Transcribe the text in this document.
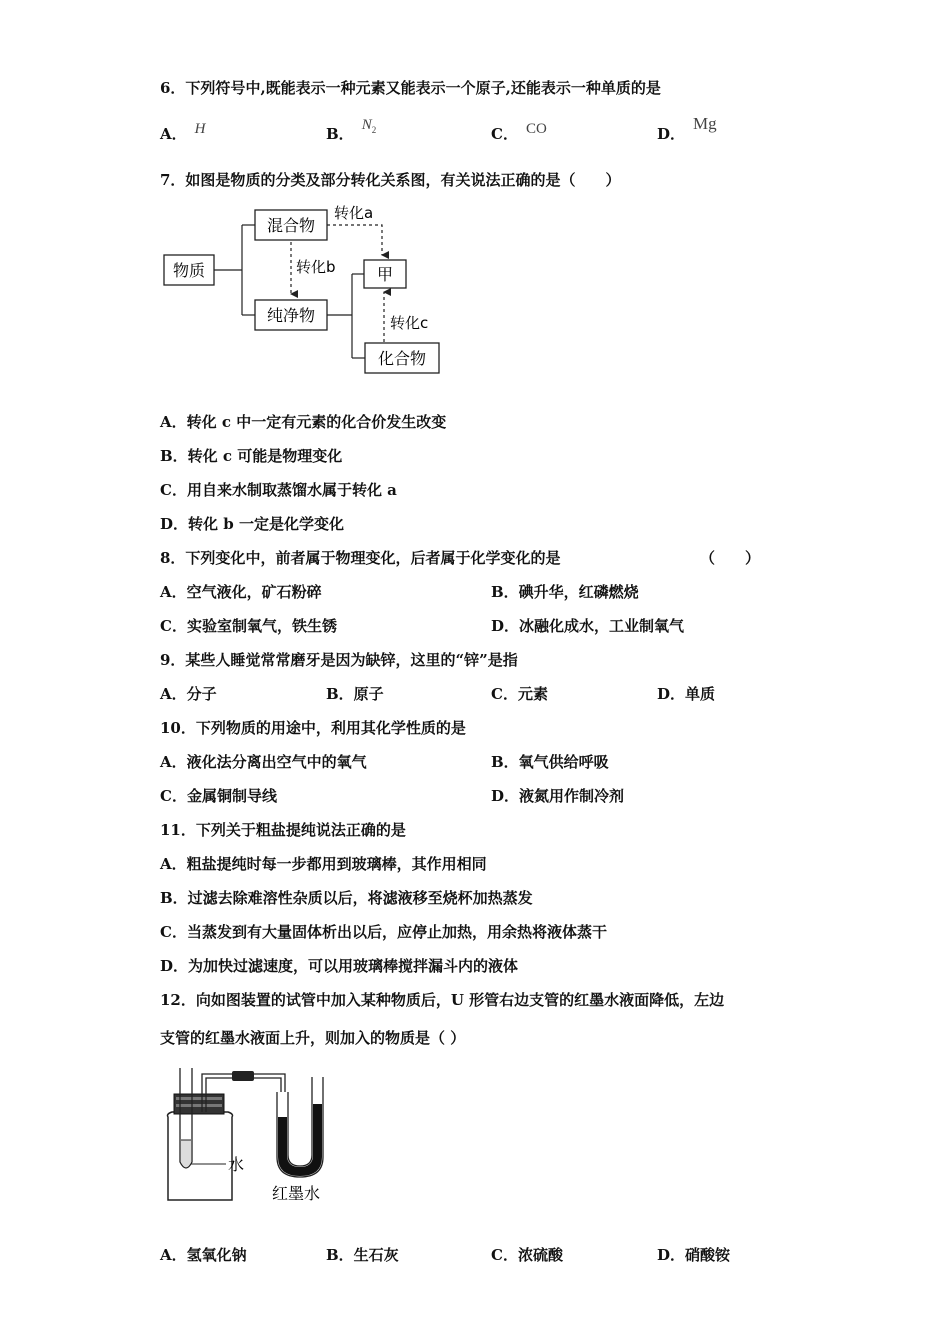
6．下列符号中,既能表示一种元素又能表示一个原子,还能表示一种单质的是
A． H	B． $N_2$	C． CO	D．Mg
7．如图是物质的分类及部分转化关系图，有关说法正确的是（　　）
物质
混合物
纯净物
甲
化合物
转化a
转化b
转化c
A．转化 c 中一定有元素的化合价发生改变
B．转化 c 可能是物理变化
C．用自来水制取蒸馏水属于转化 a
D．转化 b 一定是化学变化
8．下列变化中，前者属于物理变化，后者属于化学变化的是	（　　）
A．空气液化，矿石粉碎	B．碘升华，红磷燃烧
C．实验室制氧气，铁生锈	D．冰融化成水，工业制氧气
9．某些人睡觉常常磨牙是因为缺锌，这里的“锌”是指
A．分子	B．原子	C．元素	D．单质
10．下列物质的用途中，利用其化学性质的是
A．液化法分离出空气中的氧气	B．氧气供给呼吸
C．金属铜制导线	D．液氮用作制冷剂
11．下列关于粗盐提纯说法正确的是
A．粗盐提纯时每一步都用到玻璃棒，其作用相同
B．过滤去除难溶性杂质以后，将滤液移至烧杯加热蒸发
C．当蒸发到有大量固体析出以后，应停止加热，用余热将液体蒸干
D．为加快过滤速度，可以用玻璃棒搅拌漏斗内的液体
12．向如图装置的试管中加入某种物质后，U 形管右边支管的红墨水液面降低，左边
支管的红墨水液面上升，则加入的物质是（ ）
水
红墨水
A．氢氧化钠	B．生石灰	C．浓硫酸	D．硝酸铵
